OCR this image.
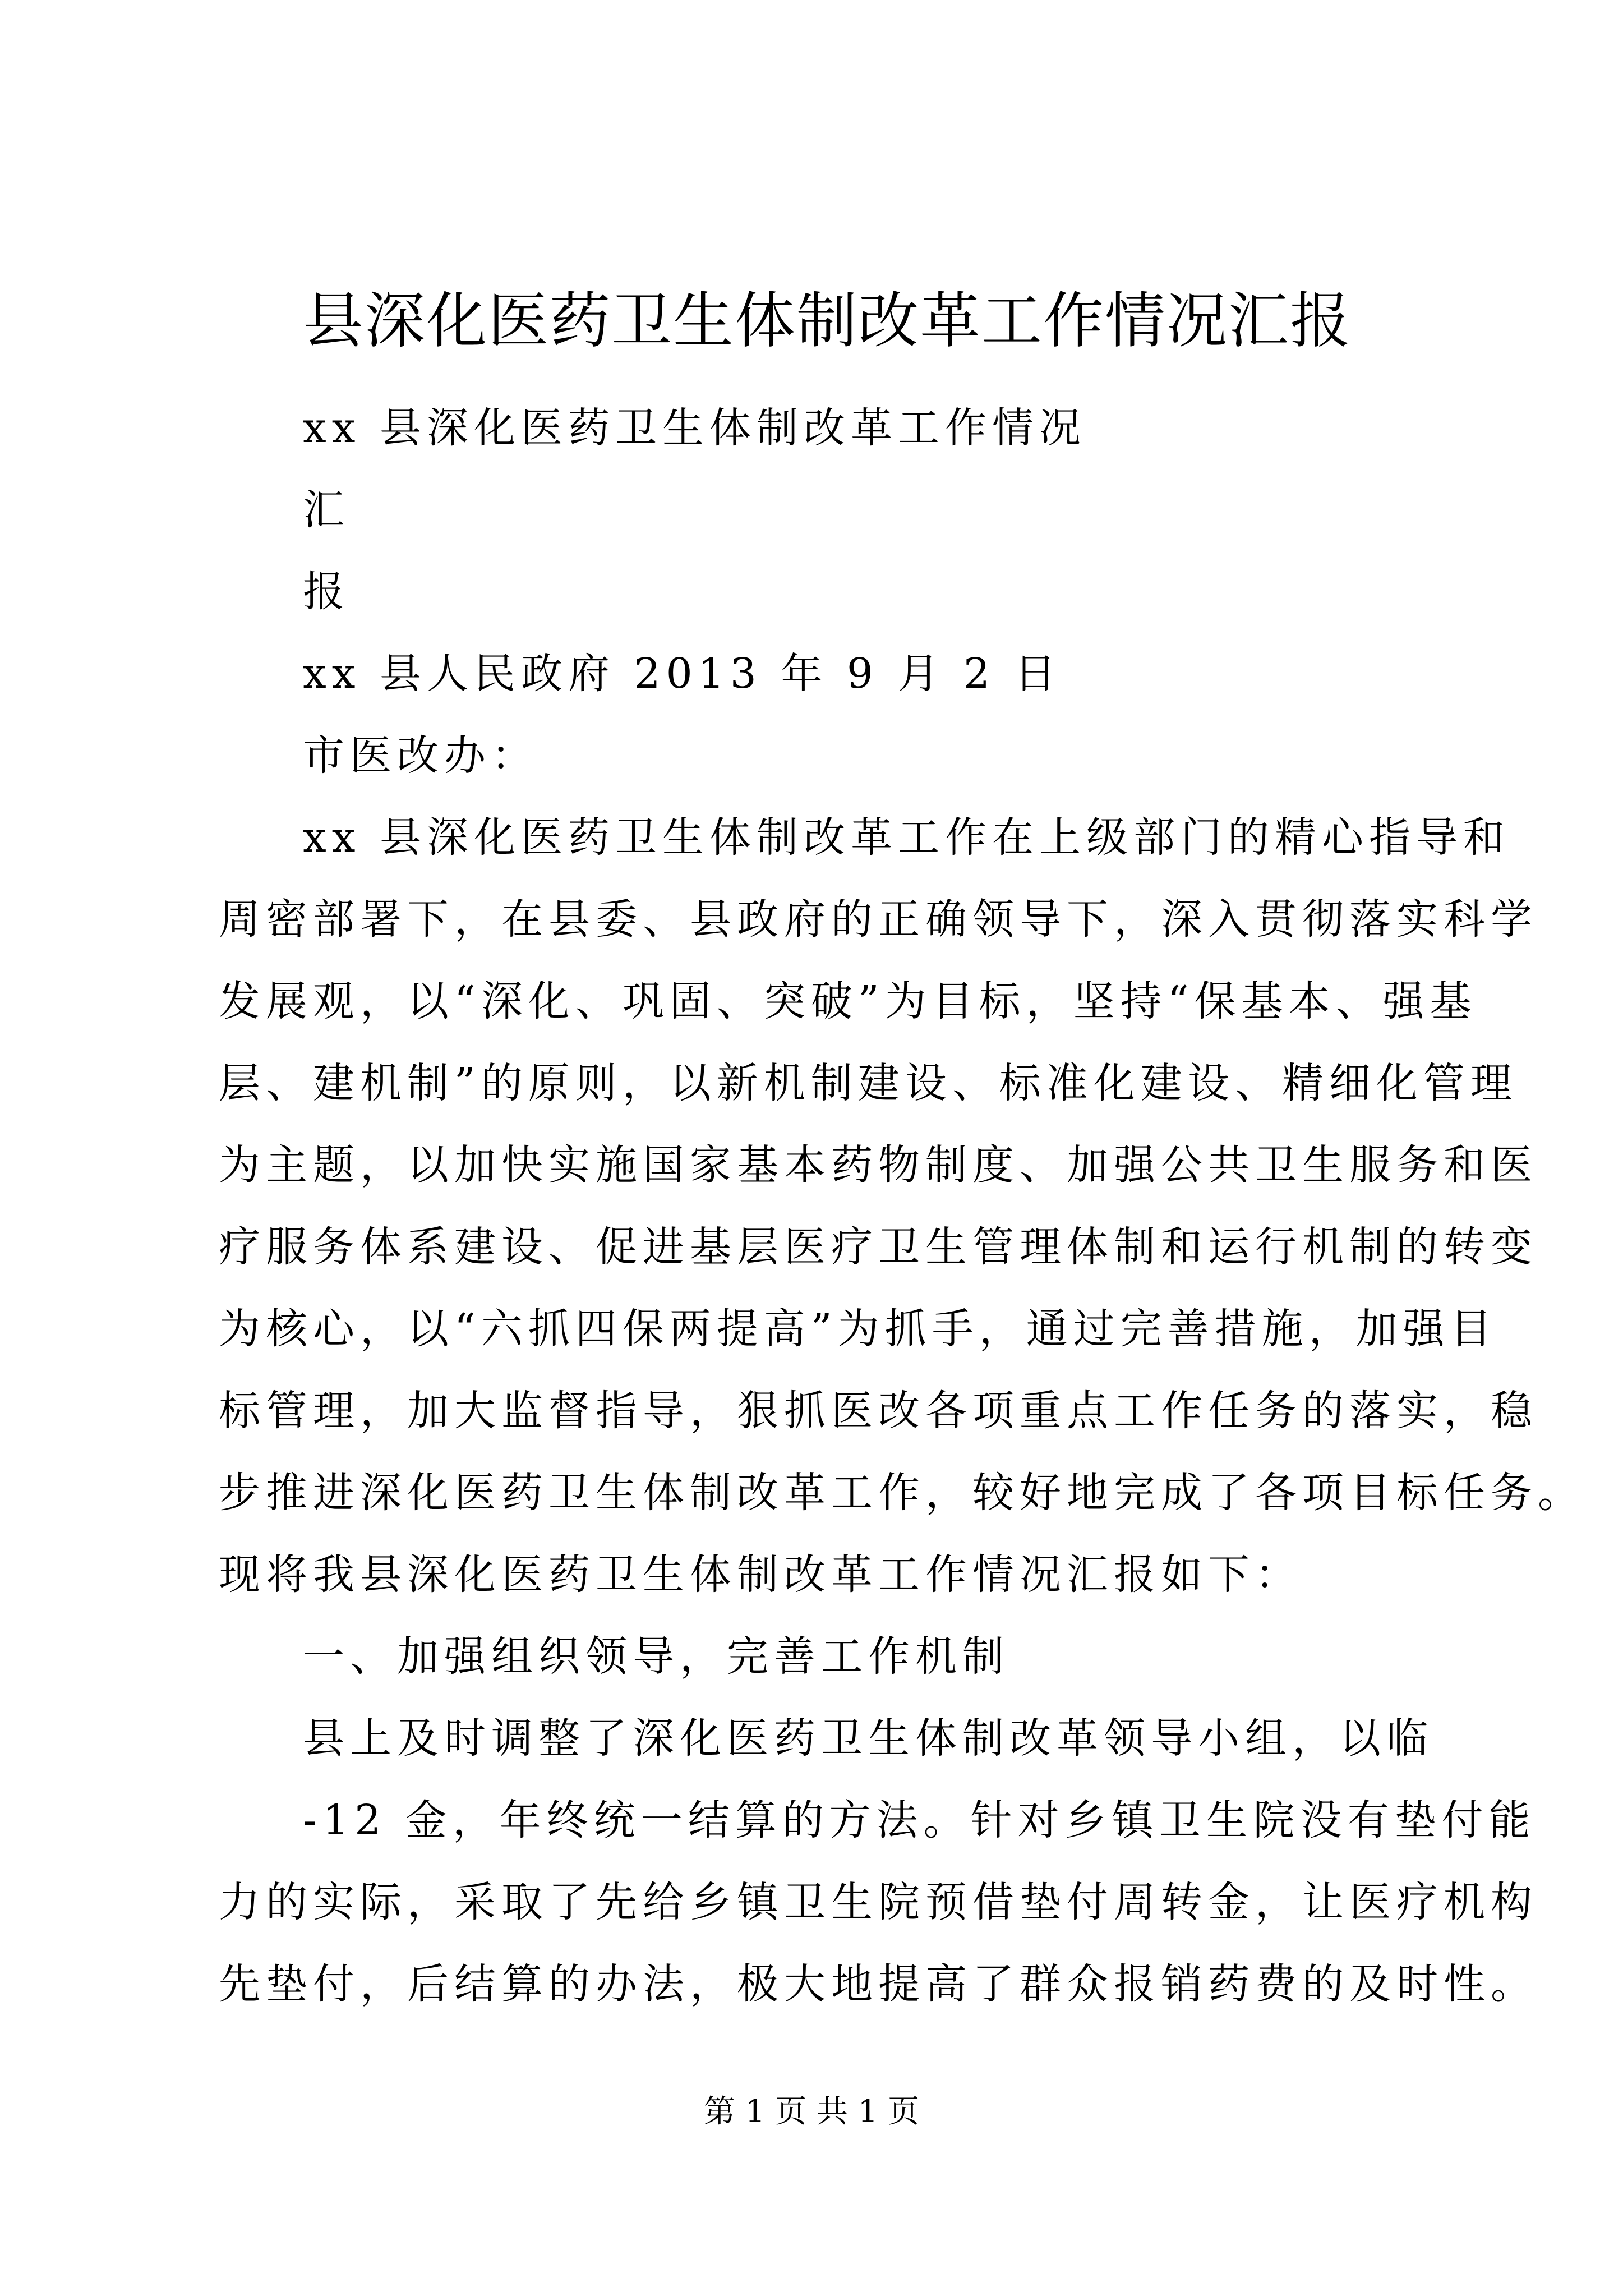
县深化医药卫生体制改革工作情况汇报
xx 县深化医药卫生体制改革工作情况
汇
报
xx 县人民政府 2013 年 9 月 2 日
市医改办：
xx 县深化医药卫生体制改革工作在上级部门的精心指导和
周密部署下，在县委、县政府的正确领导下，深入贯彻落实科学
发展观，以“深化、巩固、突破”为目标，坚持“保基本、强基
层、建机制”的原则，以新机制建设、标准化建设、精细化管理
为主题，以加快实施国家基本药物制度、加强公共卫生服务和医
疗服务体系建设、促进基层医疗卫生管理体制和运行机制的转变
为核心，以“六抓四保两提高”为抓手，通过完善措施，加强目
标管理，加大监督指导，狠抓医改各项重点工作任务的落实，稳
步推进深化医药卫生体制改革工作，较好地完成了各项目标任务。
现将我县深化医药卫生体制改革工作情况汇报如下：
一、加强组织领导，完善工作机制
县上及时调整了深化医药卫生体制改革领导小组，以临
-12 金，年终统一结算的方法。针对乡镇卫生院没有垫付能
力的实际，采取了先给乡镇卫生院预借垫付周转金，让医疗机构
先垫付，后结算的办法，极大地提高了群众报销药费的及时性。
第 1 页 共 1 页
